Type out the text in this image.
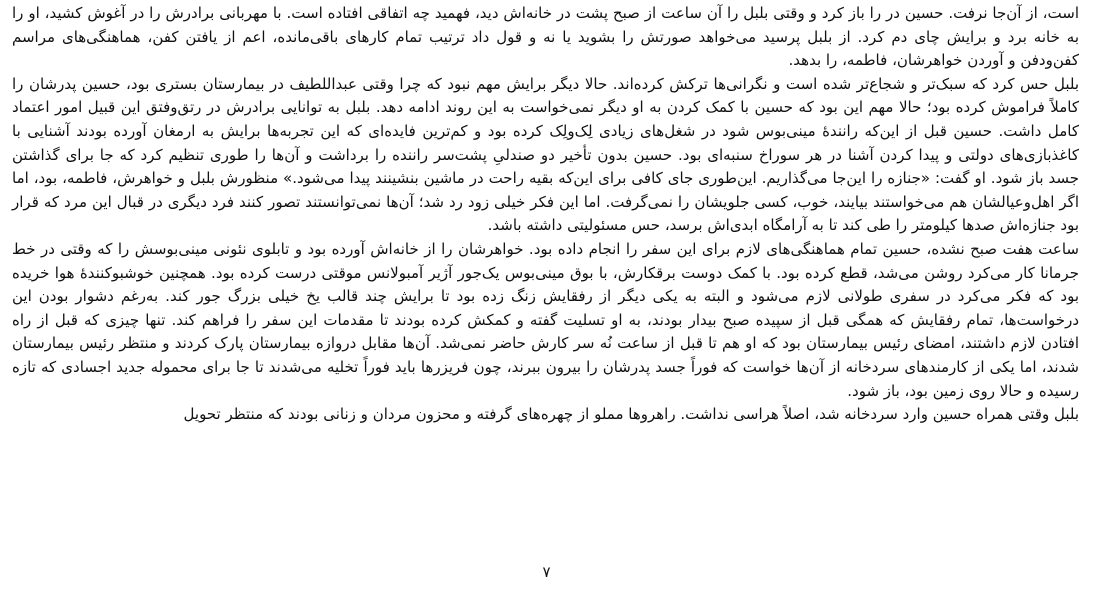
است، از آن‌جا نرفت. حسین در را باز کرد و وقتی بلبل را آن ساعت از صبح پشت در خانه‌اش دید، فهمید چه اتفاقی افتاده است. با مهربانی برادرش را در آغوش کشید، او را به خانه برد و برایش چای دم کرد. از بلبل پرسید می‌خواهد صورتش را بشوید یا نه و قول داد ترتیب تمام کارهای باقی‌مانده، اعم از یافتن کفن، هماهنگی‌های مراسم کفن‌ودفن و آوردن خواهرشان، فاطمه، را بدهد.

بلبل حس کرد که سبک‌تر و شجاع‌تر شده است و نگرانی‌ها ترکش کرده‌اند. حالا دیگر برایش مهم نبود که چرا وقتی عبداللطیف در بیمارستان بستری بود، حسین پدرشان را کاملاً فراموش کرده بود؛ حالا مهم این بود که حسین با کمک کردن به او دیگر نمی‌خواست به این روند ادامه دهد. بلبل به توانایی برادرش در رتق‌وفتق این قبیل امور اعتماد کامل داشت. حسین قبل از این‌که رانندهٔ مینی‌بوس شود در شغل‌های زیادی لِک‌ولِک کرده بود و کم‌ترین فایده‌ای که این تجربه‌ها برایش به ارمغان آورده بودند آشنایی با کاغذبازی‌های دولتی و پیدا کردن آشنا در هر سوراخ سنبه‌ای بود. حسین بدون تأخیر دو صندلیِ پشت‌سر راننده را برداشت و آن‌ها را طوری تنظیم کرد که جا برای گذاشتن جسد باز شود. او گفت: «جنازه را این‌جا می‌گذاریم. این‌طوری جای کافی برای این‌که بقیه راحت در ماشین بنشینند پیدا می‌شود.» منظورش بلبل و خواهرش، فاطمه، بود، اما اگر اهل‌وعیالشان هم می‌خواستند بیایند، خوب، کسی جلویشان را نمی‌گرفت. اما این فکر خیلی زود رد شد؛ آن‌ها نمی‌توانستند تصور کنند فرد دیگری در قبال این مرد که قرار بود جنازه‌اش صدها کیلومتر را طی کند تا به آرامگاه ابدی‌اش برسد، حس مسئولیتی داشته باشد.

ساعت هفت صبح نشده، حسین تمام هماهنگی‌های لازم برای این سفر را انجام داده بود. خواهرشان را از خانه‌اش آورده بود و تابلوی نئونی مینی‌بوسش را که وقتی در خط جرمانا کار می‌کرد روشن می‌شد، قطع کرده بود. با کمک دوست برقکارش، با بوق مینی‌بوس یک‌جور آژیر آمبولانس موقتی درست کرده بود. همچنین خوشبوکنندهٔ هوا خریده بود که فکر می‌کرد در سفری طولانی لازم می‌شود و البته به یکی دیگر از رفقایش زنگ زده بود تا برایش چند قالب یخ خیلی بزرگ جور کند. به‌رغم دشوار بودن این درخواست‌ها، تمام رفقایش که همگی قبل از سپیده صبح بیدار بودند، به او تسلیت گفته و کمکش کرده بودند تا مقدمات این سفر را فراهم کند. تنها چیزی که قبل از راه افتادن لازم داشتند، امضای رئیس بیمارستان بود که او هم تا قبل از ساعت نُه سر کارش حاضر نمی‌شد. آن‌ها مقابل دروازه بیمارستان پارک کردند و منتظر رئیس بیمارستان شدند، اما یکی از کارمندهای سردخانه از آن‌ها خواست که فوراً جسد پدرشان را بیرون ببرند، چون فریزرها باید فوراً تخلیه می‌شدند تا جا برای محموله جدید اجسادی که تازه رسیده و حالا روی زمین بود، باز شود.

بلبل وقتی همراه حسین وارد سردخانه شد، اصلاً هراسی نداشت. راهروها مملو از چهره‌های گرفته و محزون مردان و زنانی بودند که منتظر تحویل

۷
